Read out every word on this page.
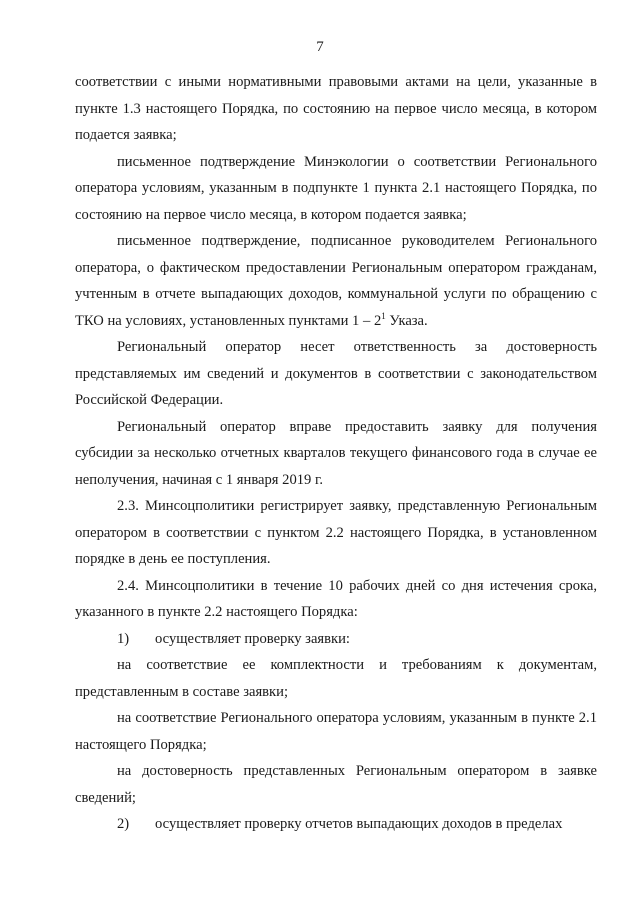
7

соответствии с иными нормативными правовыми актами на цели, указанные в пункте 1.3 настоящего Порядка, по состоянию на первое число месяца, в котором подается заявка;

письменное подтверждение Минэкологии о соответствии Регионального оператора условиям, указанным в подпункте 1 пункта 2.1 настоящего Порядка, по состоянию на первое число месяца, в котором подается заявка;

письменное подтверждение, подписанное руководителем Регионального оператора, о фактическом предоставлении Региональным оператором гражданам, учтенным в отчете выпадающих доходов, коммунальной услуги по обращению с ТКО на условиях, установленных пунктами $1 - 2^1$ Указа.

Региональный оператор несет ответственность за достоверность представляемых им сведений и документов в соответствии с законодательством Российской Федерации.

Региональный оператор вправе предоставить заявку для получения субсидии за несколько отчетных кварталов текущего финансового года в случае ее неполучения, начиная с 1 января 2019 г.

2.3. Минсоцполитики регистрирует заявку, представленную Региональным оператором в соответствии с пунктом 2.2 настоящего Порядка, в установленном порядке в день ее поступления.

2.4. Минсоцполитики в течение 10 рабочих дней со дня истечения срока, указанного в пункте 2.2 настоящего Порядка:

1) осуществляет проверку заявки:

на соответствие ее комплектности и требованиям к документам, представленным в составе заявки;

на соответствие Регионального оператора условиям, указанным в пункте 2.1 настоящего Порядка;

на достоверность представленных Региональным оператором в заявке сведений;

2) осуществляет проверку отчетов выпадающих доходов в пределах
